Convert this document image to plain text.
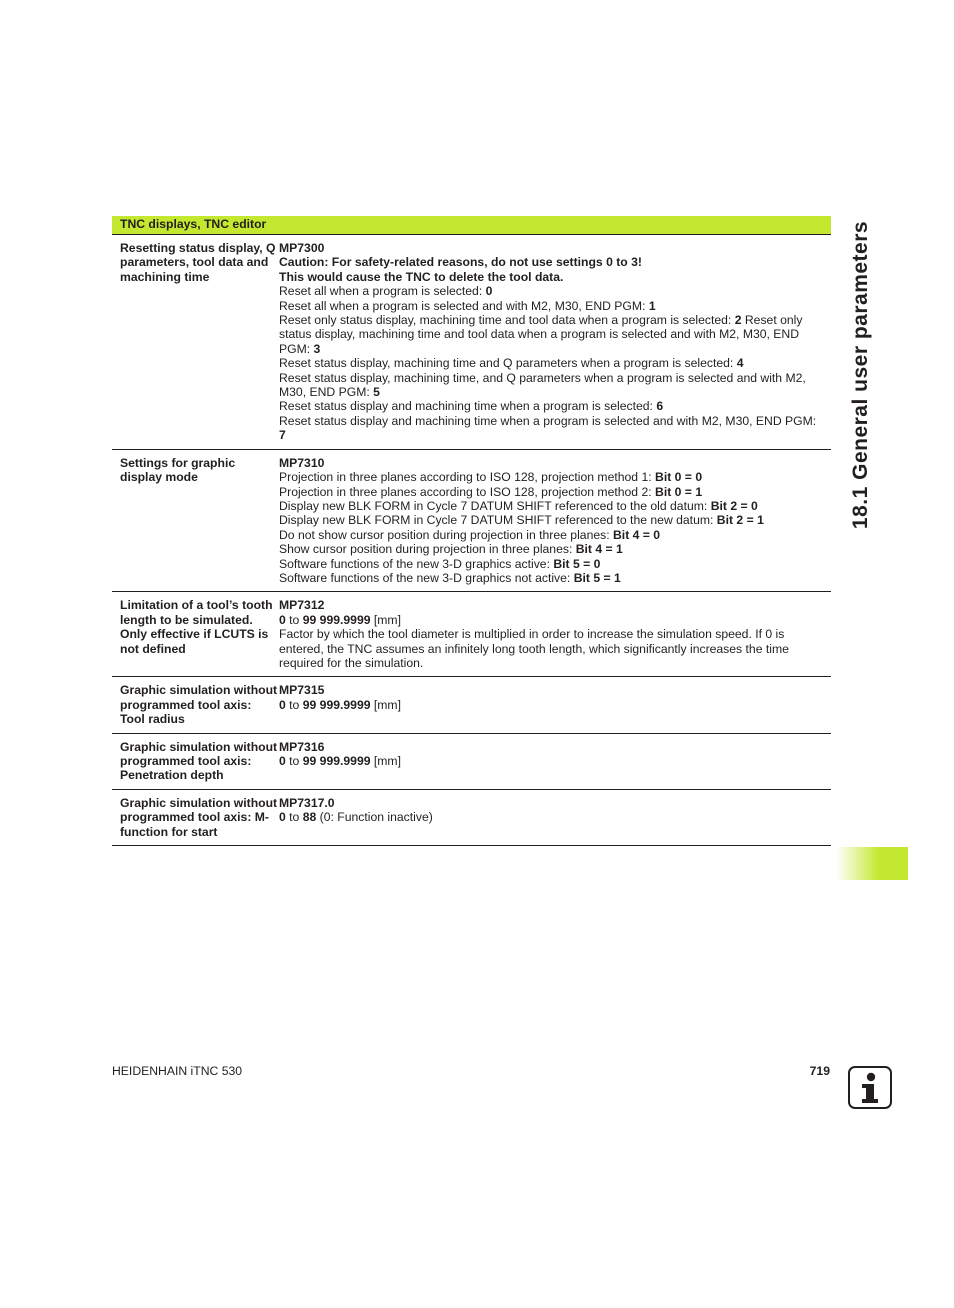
18.1 General user parameters
TNC displays, TNC editor
Resetting status display, Q parameters, tool data and machining time
MP7300
Caution: For safety-related reasons, do not use settings 0 to 3!
This would cause the TNC to delete the tool data.
Reset all when a program is selected: 0
Reset all when a program is selected and with M2, M30, END PGM: 1
Reset only status display, machining time and tool data when a program is selected: 2 Reset only status display, machining time and tool data when a program is selected and with M2, M30, END PGM: 3
Reset status display, machining time and Q parameters when a program is selected: 4
Reset status display, machining time, and Q parameters when a program is selected and with M2, M30, END PGM: 5
Reset status display and machining time when a program is selected: 6
Reset status display and machining time when a program is selected and with M2, M30, END PGM: 7
Settings for graphic display mode
MP7310
Projection in three planes according to ISO 128, projection method 1: Bit 0 = 0
Projection in three planes according to ISO 128, projection method 2: Bit 0 = 1
Display new BLK FORM in Cycle 7 DATUM SHIFT referenced to the old datum: Bit 2 = 0
Display new BLK FORM in Cycle 7 DATUM SHIFT referenced to the new datum: Bit 2 = 1
Do not show cursor position during projection in three planes: Bit 4 = 0
Show cursor position during projection in three planes: Bit 4 = 1
Software functions of the new 3-D graphics active: Bit 5 = 0
Software functions of the new 3-D graphics not active: Bit 5 = 1
Limitation of a tool’s tooth length to be simulated. Only effective if LCUTS is not defined
MP7312
0 to 99 999.9999 [mm]
Factor by which the tool diameter is multiplied in order to increase the simulation speed. If 0 is entered, the TNC assumes an infinitely long tooth length, which significantly increases the time required for the simulation.
Graphic simulation without programmed tool axis: Tool radius
MP7315
0 to 99 999.9999 [mm]
Graphic simulation without programmed tool axis: Penetration depth
MP7316
0 to 99 999.9999 [mm]
Graphic simulation without programmed tool axis: M-function for start
MP7317.0
0 to 88 (0: Function inactive)
HEIDENHAIN iTNC 530	719
